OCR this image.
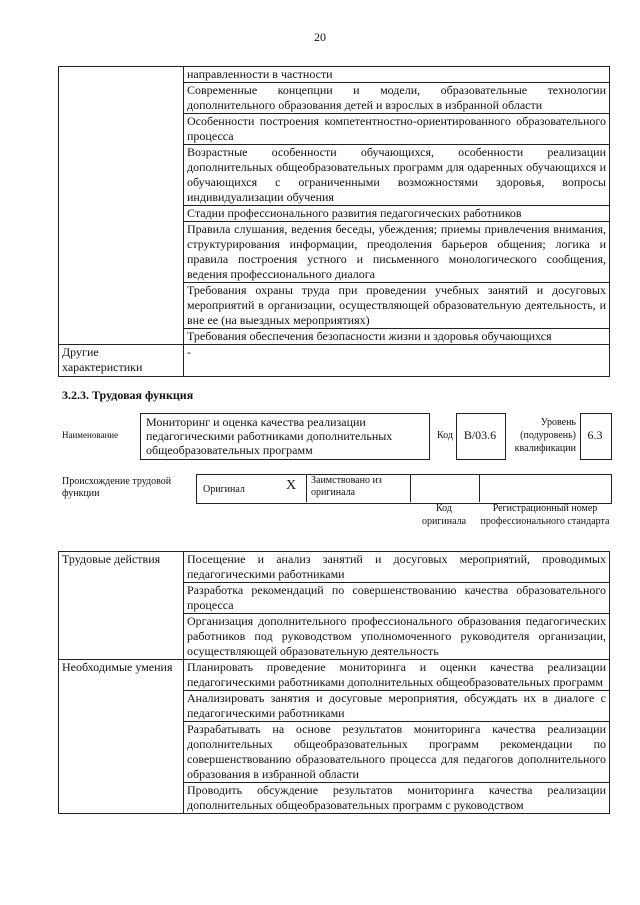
20
	направленности в частности
	Современные концепции и модели, образовательные технологии дополнительного образования детей и взрослых в избранной области
	Особенности построения компетентностно-ориентированного образовательного процесса
	Возрастные особенности обучающихся, особенности реализации дополнительных общеобразовательных программ для одаренных обучающихся и обучающихся с ограниченными возможностями здоровья, вопросы индивидуализации обучения
	Стадии профессионального развития педагогических работников
	Правила слушания, ведения беседы, убеждения; приемы привлечения внимания, структурирования информации, преодоления барьеров общения; логика и правила построения устного и письменного монологического сообщения, ведения профессионального диалога
	Требования охраны труда при проведении учебных занятий и досуговых мероприятий в организации, осуществляющей образовательную деятельность, и вне ее (на выездных мероприятиях)
	Требования обеспечения безопасности жизни и здоровья обучающихся
Другие характеристики	-
3.2.3. Трудовая функция
Наименование
Мониторинг и оценка качества реализации педагогическими работниками дополнительных общеобразовательных программ
Код В/03.6
Уровень (подуровень) квалификации
6.3
Происхождение трудовой функции	Оригинал	X Заимствовано из оригинала
Код оригинала
Регистрационный номер профессионального стандарта
Трудовые действия	Посещение и анализ занятий и досуговых мероприятий, проводимых педагогическими работниками
	Разработка рекомендаций по совершенствованию качества образовательного процесса
	Организация дополнительного профессионального образования педагогических работников под руководством уполномоченного руководителя организации, осуществляющей образовательную деятельность
Необходимые умения	Планировать проведение мониторинга и оценки качества реализации педагогическими работниками дополнительных общеобразовательных программ
	Анализировать занятия и досуговые мероприятия, обсуждать их в диалоге с педагогическими работниками
	Разрабатывать на основе результатов мониторинга качества реализации дополнительных общеобразовательных программ рекомендации по совершенствованию образовательного процесса для педагогов дополнительного образования в избранной области
	Проводить обсуждение результатов мониторинга качества реализации дополнительных общеобразовательных программ с руководством
